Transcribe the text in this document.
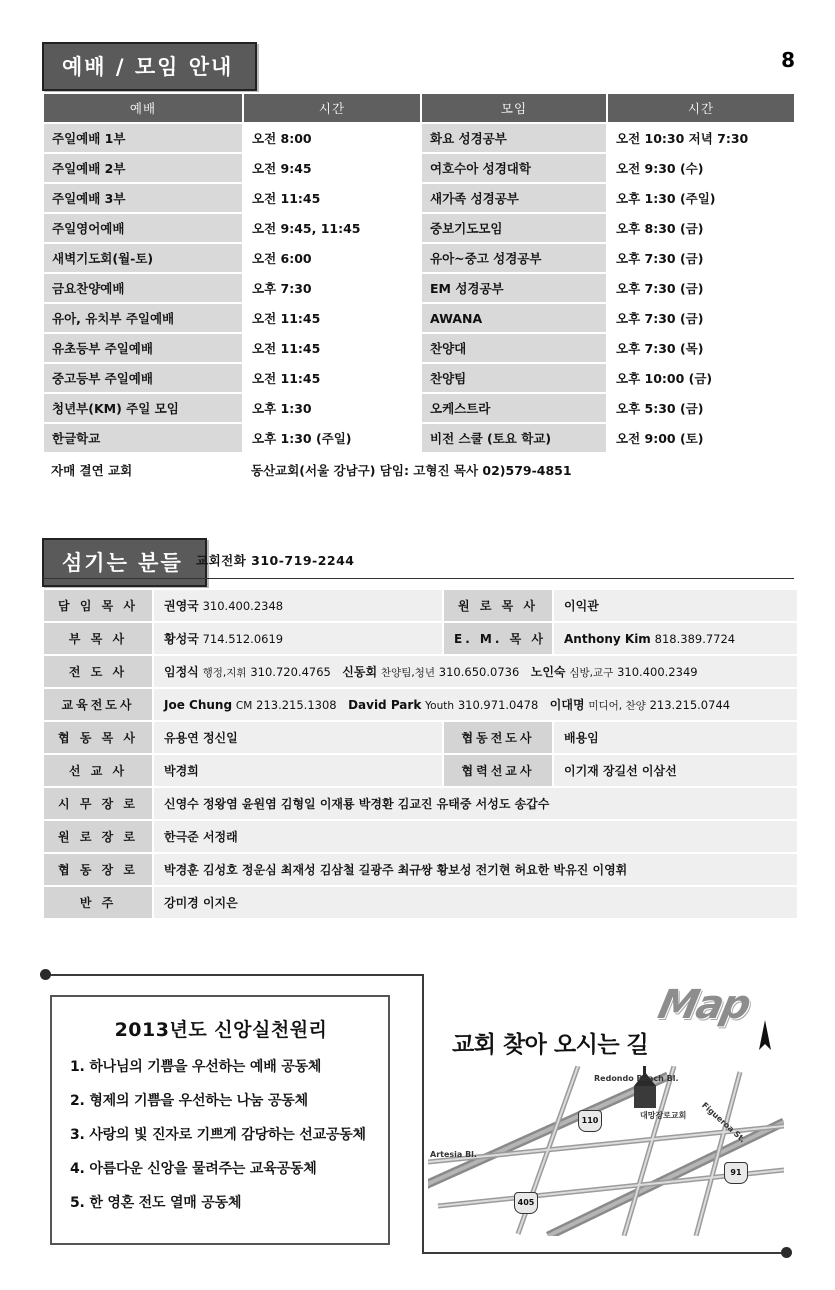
8
예배 / 모임 안내
예배	시간	모임	시간
주일예배 1부	오전 8:00	화요 성경공부	오전 10:30 저녁 7:30
주일예배 2부	오전 9:45	여호수아 성경대학	오전 9:30 (수)
주일예배 3부	오전 11:45	새가족 성경공부	오후 1:30 (주일)
주일영어예배	오전 9:45, 11:45	중보기도모임	오후 8:30 (금)
새벽기도회(월-토)	오전 6:00	유아~중고 성경공부	오후 7:30 (금)
금요찬양예배	오후 7:30	EM 성경공부	오후 7:30 (금)
유아, 유치부 주일예배	오전 11:45	AWANA	오후 7:30 (금)
유초등부 주일예배	오전 11:45	찬양대	오후 7:30 (목)
중고등부 주일예배	오전 11:45	찬양팀	오후 10:00 (금)
청년부(KM) 주일 모임	오후 1:30	오케스트라	오후 5:30 (금)
한글학교	오후 1:30 (주일)	비전 스쿨 (토요 학교)	오전 9:00 (토)
자매 결연 교회	동산교회(서울 강남구) 담임: 고형진 목사 02)579-4851		
섬기는 분들	교회전화 310-719-2244
담 임 목 사	권영국 310.400.2348	원 로 목 사	이익관
부 목 사	황성국 714.512.0619	E. M. 목 사	Anthony Kim 818.389.7724
전 도 사	임정식 행정,지휘 310.720.4765 신동회 찬양팀,청년 310.650.0736 노인숙 심방,교구 310.400.2349		
교육전도사	Joe Chung CM 213.215.1308 David Park Youth 310.971.0478 이대명 미디어, 찬양 213.215.0744		
협 동 목 사	유용연 정신일	협동전도사	배용임
선 교 사	박경희	협력선교사	이기재 장길선 이삼선
시 무 장 로	신영수 정왕염 윤원염 김형일 이재룡 박경환 김교진 유태중 서성도 송갑수		
원 로 장 로	한극준 서정래		
협 동 장 로	박경훈 김성호 정운심 최재성 김삼철 길광주 최규쌍 황보성 전기현 허요한 박유진 이영휘		
반 주	강미경 이지은		
2013년도 신앙실천원리
1. 하나님의 기쁨을 우선하는 예배 공동체
2. 형제의 기쁨을 우선하는 나눔 공동체
3. 사랑의 빛 진자로 기쁘게 감당하는 선교공동체
4. 아름다운 신앙을 물려주는 교육공동체
5. 한 영혼 전도 열매 공동체
Map
교회 찾아 오시는 길
Redondo Beach Bl.
Artesia Bl.
Figueroa St.
대망장로교회
110
91
405
